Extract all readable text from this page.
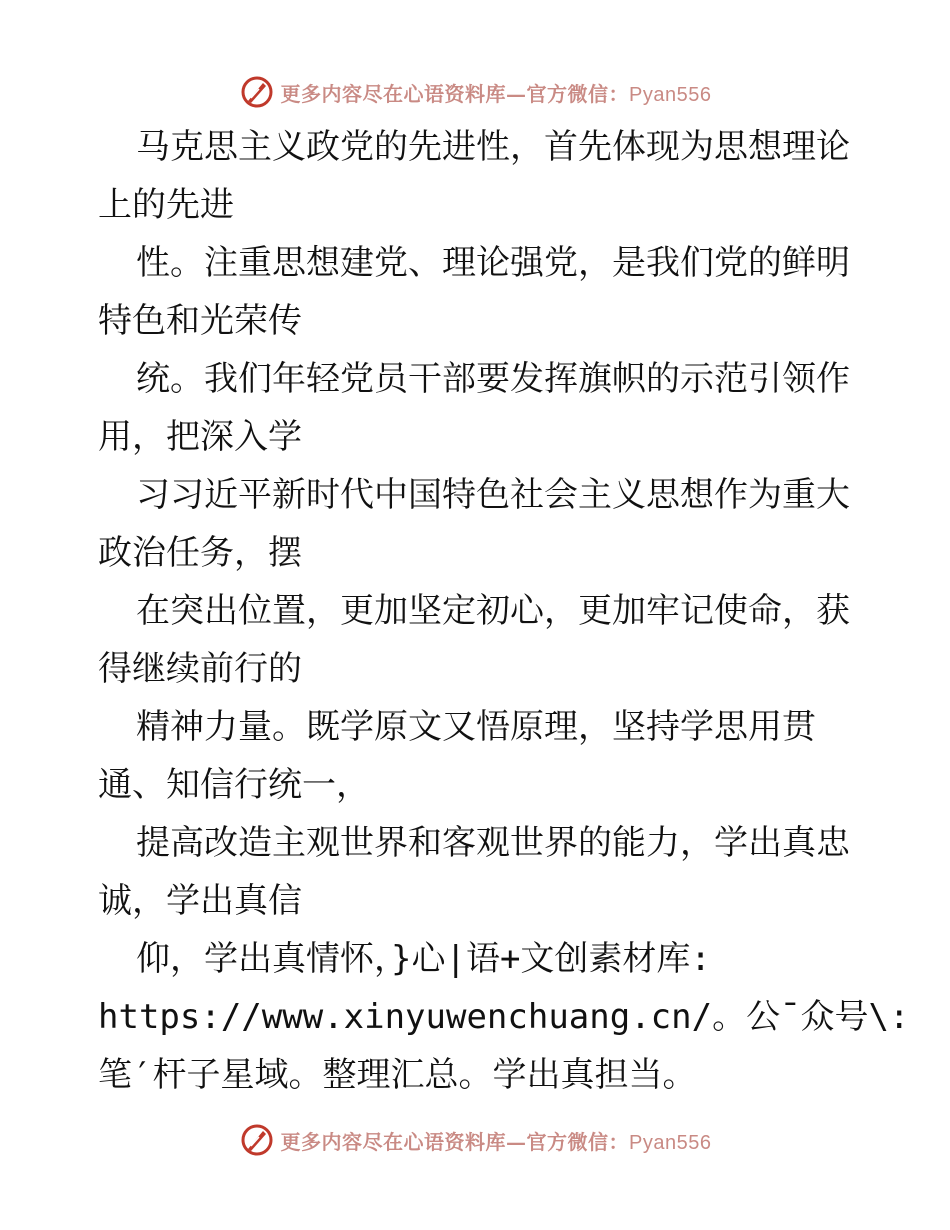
更多内容尽在心语资料库—官方微信：Pyan556
马克思主义政党的先进性，首先体现为思想理论
上的先进
性。注重思想建党、理论强党，是我们党的鲜明
特色和光荣传
统。我们年轻党员干部要发挥旗帜的示范引领作
用，把深入学
习习近平新时代中国特色社会主义思想作为重大
政治任务，摆
在突出位置，更加坚定初心，更加牢记使命，获
得继续前行的
精神力量。既学原文又悟原理，坚持学思用贯
通、知信行统一，
提高改造主观世界和客观世界的能力，学出真忠
诚，学出真信
仰，学出真情怀，}心|语+文创素材库:
https://www.xinyuwenchuang.cn/。公¯众号\:
笔′杆子星域。整理汇总。学出真担当。
更多内容尽在心语资料库—官方微信：Pyan556
